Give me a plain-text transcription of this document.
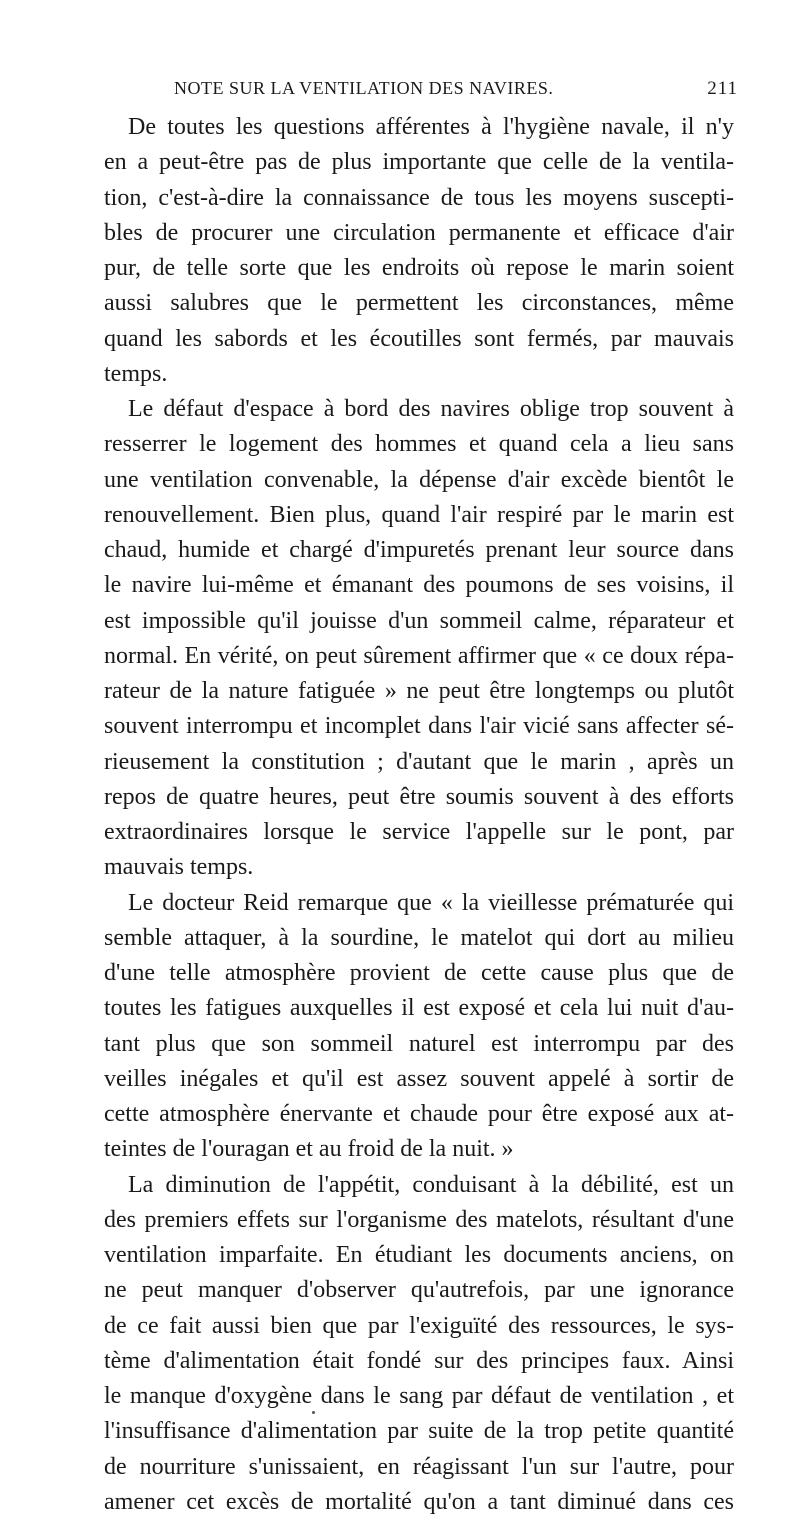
NOTE SUR LA VENTILATION DES NAVIRES.	211
De toutes les questions afférentes à l'hygiène navale, il n'y
en a peut-être pas de plus importante que celle de la ventila-
tion, c'est-à-dire la connaissance de tous les moyens suscepti-
bles de procurer une circulation permanente et efficace d'air
pur, de telle sorte que les endroits où repose le marin soient
aussi salubres que le permettent les circonstances, même
quand les sabords et les écoutilles sont fermés, par mauvais
temps.
Le défaut d'espace à bord des navires oblige trop souvent à
resserrer le logement des hommes et quand cela a lieu sans
une ventilation convenable, la dépense d'air excède bientôt le
renouvellement. Bien plus, quand l'air respiré par le marin est
chaud, humide et chargé d'impuretés prenant leur source dans
le navire lui-même et émanant des poumons de ses voisins, il
est impossible qu'il jouisse d'un sommeil calme, réparateur et
normal. En vérité, on peut sûrement affirmer que « ce doux répa-
rateur de la nature fatiguée » ne peut être longtemps ou plutôt
souvent interrompu et incomplet dans l'air vicié sans affecter sé-
rieusement la constitution ; d'autant que le marin , après un
repos de quatre heures, peut être soumis souvent à des efforts
extraordinaires lorsque le service l'appelle sur le pont, par
mauvais temps.
Le docteur Reid remarque que « la vieillesse prématurée qui
semble attaquer, à la sourdine, le matelot qui dort au milieu
d'une telle atmosphère provient de cette cause plus que de
toutes les fatigues auxquelles il est exposé et cela lui nuit d'au-
tant plus que son sommeil naturel est interrompu par des
veilles inégales et qu'il est assez souvent appelé à sortir de
cette atmosphère énervante et chaude pour être exposé aux at-
teintes de l'ouragan et au froid de la nuit. »
La diminution de l'appétit, conduisant à la débilité, est un
des premiers effets sur l'organisme des matelots, résultant d'une
ventilation imparfaite. En étudiant les documents anciens, on
ne peut manquer d'observer qu'autrefois, par une ignorance
de ce fait aussi bien que par l'exiguïté des ressources, le sys-
tème d'alimentation était fondé sur des principes faux. Ainsi
le manque d'oxygène dans le sang par défaut de ventilation , et
l'insuffisance d'alimentation par suite de la trop petite quantité
de nourriture s'unissaient, en réagissant l'un sur l'autre, pour
amener cet excès de mortalité qu'on a tant diminué dans ces
